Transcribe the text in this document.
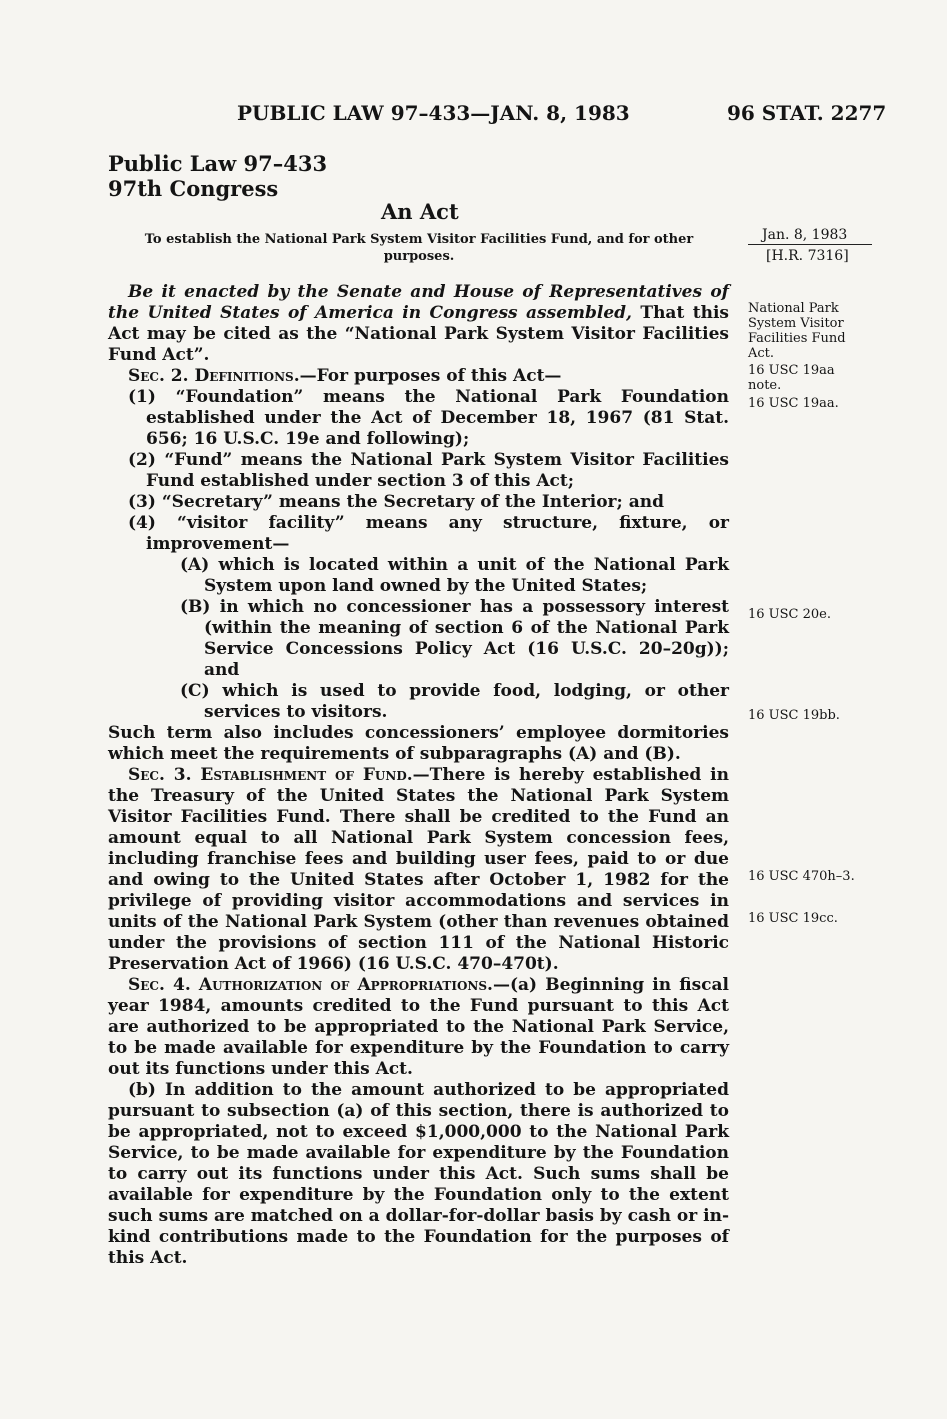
PUBLIC LAW 97–433—JAN. 8, 1983	96 STAT. 2277
Public Law 97–433
97th Congress
An Act
To establish the National Park System Visitor Facilities Fund, and for other purposes.
Jan. 8, 1983
[H.R. 7316]
National Park System Visitor Facilities Fund Act.
16 USC 19aa note.
16 USC 19aa.
16 USC 20e.
16 USC 19bb.
16 USC 470h–3.
16 USC 19cc.

Be it enacted by the Senate and House of Representatives of the United States of America in Congress assembled, That this Act may be cited as the “National Park System Visitor Facilities Fund Act”.

Sec. 2. Definitions.—For purposes of this Act—

(1) “Foundation” means the National Park Foundation established under the Act of December 18, 1967 (81 Stat. 656; 16 U.S.C. 19e and following);

(2) “Fund” means the National Park System Visitor Facilities Fund established under section 3 of this Act;

(3) “Secretary” means the Secretary of the Interior; and

(4) “visitor facility” means any structure, fixture, or improvement—

(A) which is located within a unit of the National Park System upon land owned by the United States;

(B) in which no concessioner has a possessory interest (within the meaning of section 6 of the National Park Service Concessions Policy Act (16 U.S.C. 20–20g)); and

(C) which is used to provide food, lodging, or other services to visitors.

Such term also includes concessioners’ employee dormitories which meet the requirements of subparagraphs (A) and (B).

Sec. 3. Establishment of Fund.—There is hereby established in the Treasury of the United States the National Park System Visitor Facilities Fund. There shall be credited to the Fund an amount equal to all National Park System concession fees, including franchise fees and building user fees, paid to or due and owing to the United States after October 1, 1982 for the privilege of providing visitor accommodations and services in units of the National Park System (other than revenues obtained under the provisions of section 111 of the National Historic Preservation Act of 1966) (16 U.S.C. 470–470t).

Sec. 4. Authorization of Appropriations.—(a) Beginning in fiscal year 1984, amounts credited to the Fund pursuant to this Act are authorized to be appropriated to the National Park Service, to be made available for expenditure by the Foundation to carry out its functions under this Act.

(b) In addition to the amount authorized to be appropriated pursuant to subsection (a) of this section, there is authorized to be appropriated, not to exceed $1,000,000 to the National Park Service, to be made available for expenditure by the Foundation to carry out its functions under this Act. Such sums shall be available for expenditure by the Foundation only to the extent such sums are matched on a dollar-for-dollar basis by cash or in-kind contributions made to the Foundation for the purposes of this Act.
